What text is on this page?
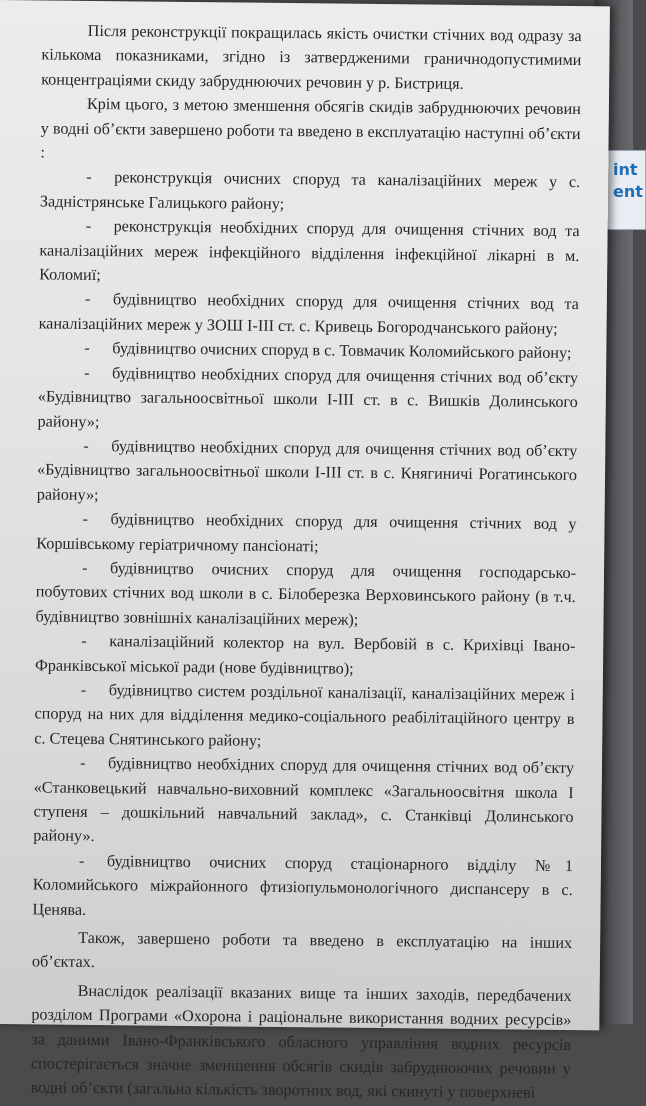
int
ent

Після реконструкції покращилась якість очистки стічних вод одразу за кількома показниками, згідно із затвердженими граничнодопустимими концентраціями скиду забруднюючих речовин у р. Бистриця.

Крім цього, з метою зменшення обсягів скидів забруднюючих речовин у водні об’єкти завершено роботи та введено в експлуатацію наступні об’єкти :

- реконструкція очисних споруд та каналізаційних мереж у с. Задністрянське Галицького району;

- реконструкція необхідних споруд для очищення стічних вод та каналізаційних мереж інфекційного відділення інфекційної лікарні в м. Коломиї;

- будівництво необхідних споруд для очищення стічних вод та каналізаційних мереж у ЗОШ І-ІІІ ст. с. Кривець Богородчанського району;

- будівництво очисних споруд в с. Товмачик Коломийського району;

- будівництво необхідних споруд для очищення стічних вод об’єкту «Будівництво загальноосвітньої школи І-ІІІ ст. в с. Вишків Долинського району»;

- будівництво необхідних споруд для очищення стічних вод об’єкту «Будівництво загальноосвітньої школи І-ІІІ ст. в с. Княгиничі Рогатинського району»;

- будівництво необхідних споруд для очищення стічних вод у Коршівському геріатричному пансіонаті;

- будівництво очисних споруд для очищення господарсько-побутових стічних вод школи в с. Білоберезка Верховинського району (в т.ч. будівництво зовнішніх каналізаційних мереж);

- каналізаційний колектор на вул. Вербовій в с. Крихівці Івано-Франківської міської ради (нове будівництво);

- будівництво систем роздільної каналізації, каналізаційних мереж і споруд на них для відділення медико-соціального реабілітаційного центру в с. Стецева Снятинського району;

- будівництво необхідних споруд для очищення стічних вод об’єкту «Станковецький навчально-виховний комплекс «Загальноосвітня школа І ступеня – дошкільний навчальний заклад», с. Станківці Долинського району».

- будівництво очисних споруд стаціонарного відділу №1 Коломийського міжрайонного фтизіопульмонологічного диспансеру в с. Ценява.

Також, завершено роботи та введено в експлуатацію на інших об’єктах.

Внаслідок реалізації вказаних вище та інших заходів, передбачених розділом Програми «Охорона і раціональне використання водних ресурсів» за даними Івано-Франківського обласного управління водних ресурсів спостерігається значне зменшення обсягів скидів забруднюючих речовин у водні об’єкти (загальна кількість зворотних вод, які скинуті у поверхневі
